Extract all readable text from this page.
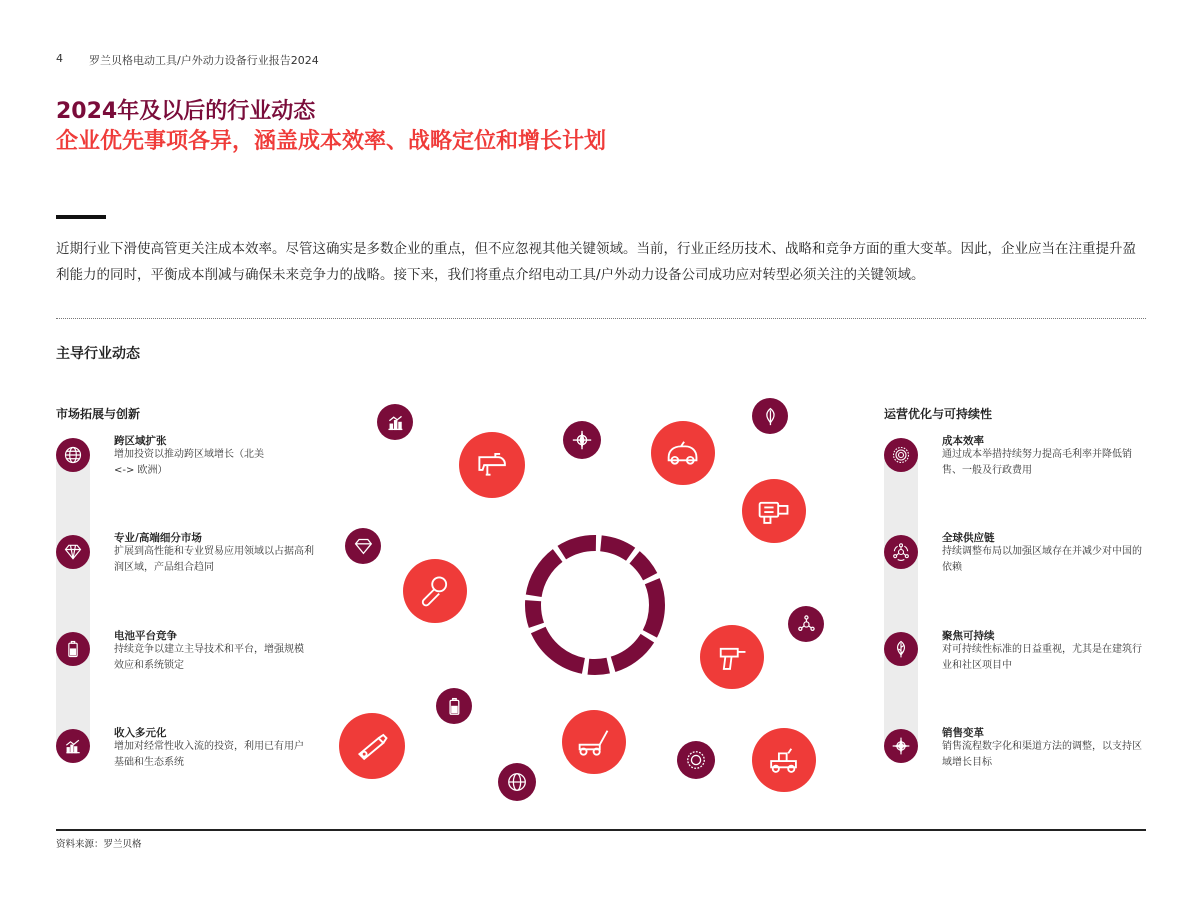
4 罗兰贝格电动工具/户外动力设备行业报告2024
2024年及以后的行业动态
企业优先事项各异，涵盖成本效率、战略定位和增长计划
近期行业下滑使高管更关注成本效率。尽管这确实是多数企业的重点，但不应忽视其他关键领域。当前，行业正经历技术、战略和竞争方面的重大变革。因此，企业应当在注重提升盈利能力的同时，平衡成本削减与确保未来竞争力的战略。接下来，我们将重点介绍电动工具/户外动力设备公司成功应对转型必须关注的关键领域。
主导行业动态
市场拓展与创新
跨区域扩张
增加投资以推动跨区域增长（北美 <-> 欧洲）
专业/高端细分市场
扩展到高性能和专业贸易应用领域以占据高利润区域，产品组合趋同
电池平台竞争
持续竞争以建立主导技术和平台，增强规模效应和系统锁定
收入多元化
增加对经常性收入流的投资，利用已有用户基础和生态系统
运营优化与可持续性
成本效率
通过成本举措持续努力提高毛利率并降低销售、一般及行政费用
全球供应链
持续调整布局以加强区域存在并减少对中国的依赖
聚焦可持续
对可持续性标准的日益重视，尤其是在建筑行业和社区项目中
销售变革
销售流程数字化和渠道方法的调整，以支持区域增长目标
资料来源：罗兰贝格
